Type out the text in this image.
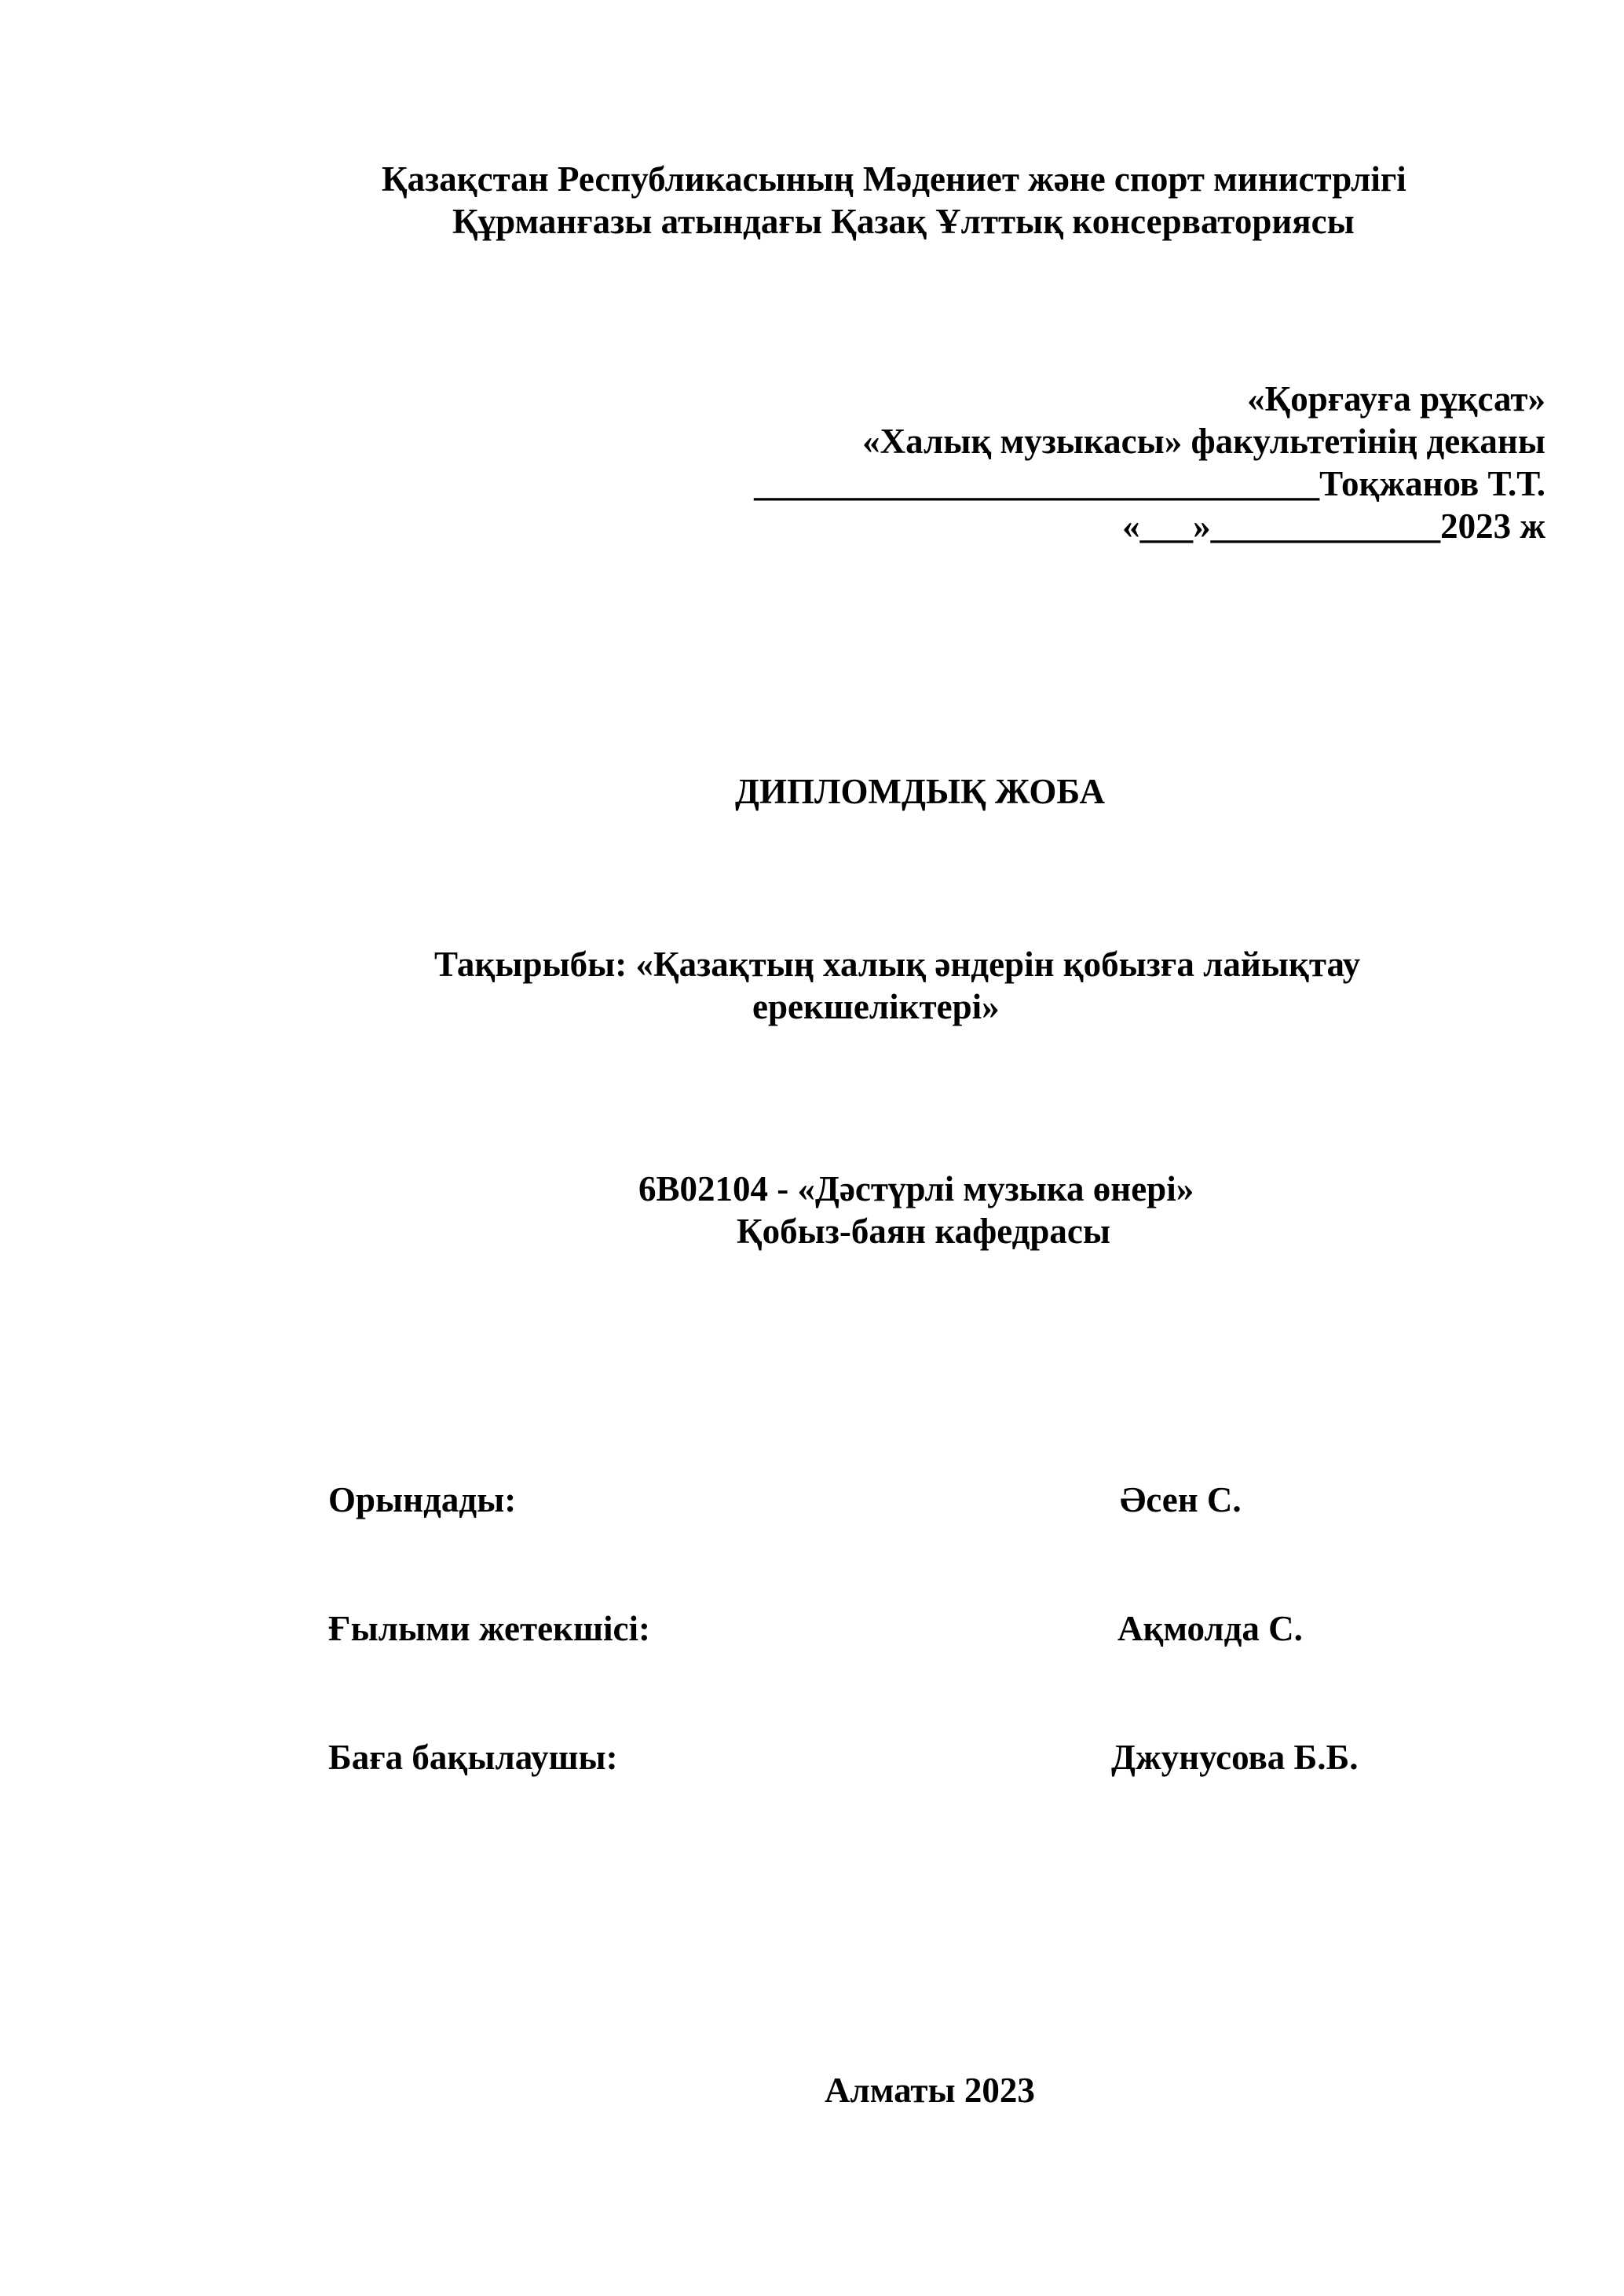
Қазақстан Республикасының Мәдениет және спорт министрлігі
Құрманғазы атындағы Қазақ Ұлттық консерваториясы
«Қорғауға рұқсат»
«Халық музыкасы» факультетінің деканы
________________________________Тоқжанов Т.Т.
«___»_____________2023 ж
ДИПЛОМДЫҚ ЖОБА
Тақырыбы: «Қазақтың халық әндерін қобызға лайықтау
ерекшеліктері»
6В02104 - «Дәстүрлі музыка өнері»
Қобыз-баян кафедрасы
Орындады:	Әсен С.
Ғылыми жетекшісі:	Ақмолда С.
Баға бақылаушы:	Джунусова Б.Б.
Алматы 2023
